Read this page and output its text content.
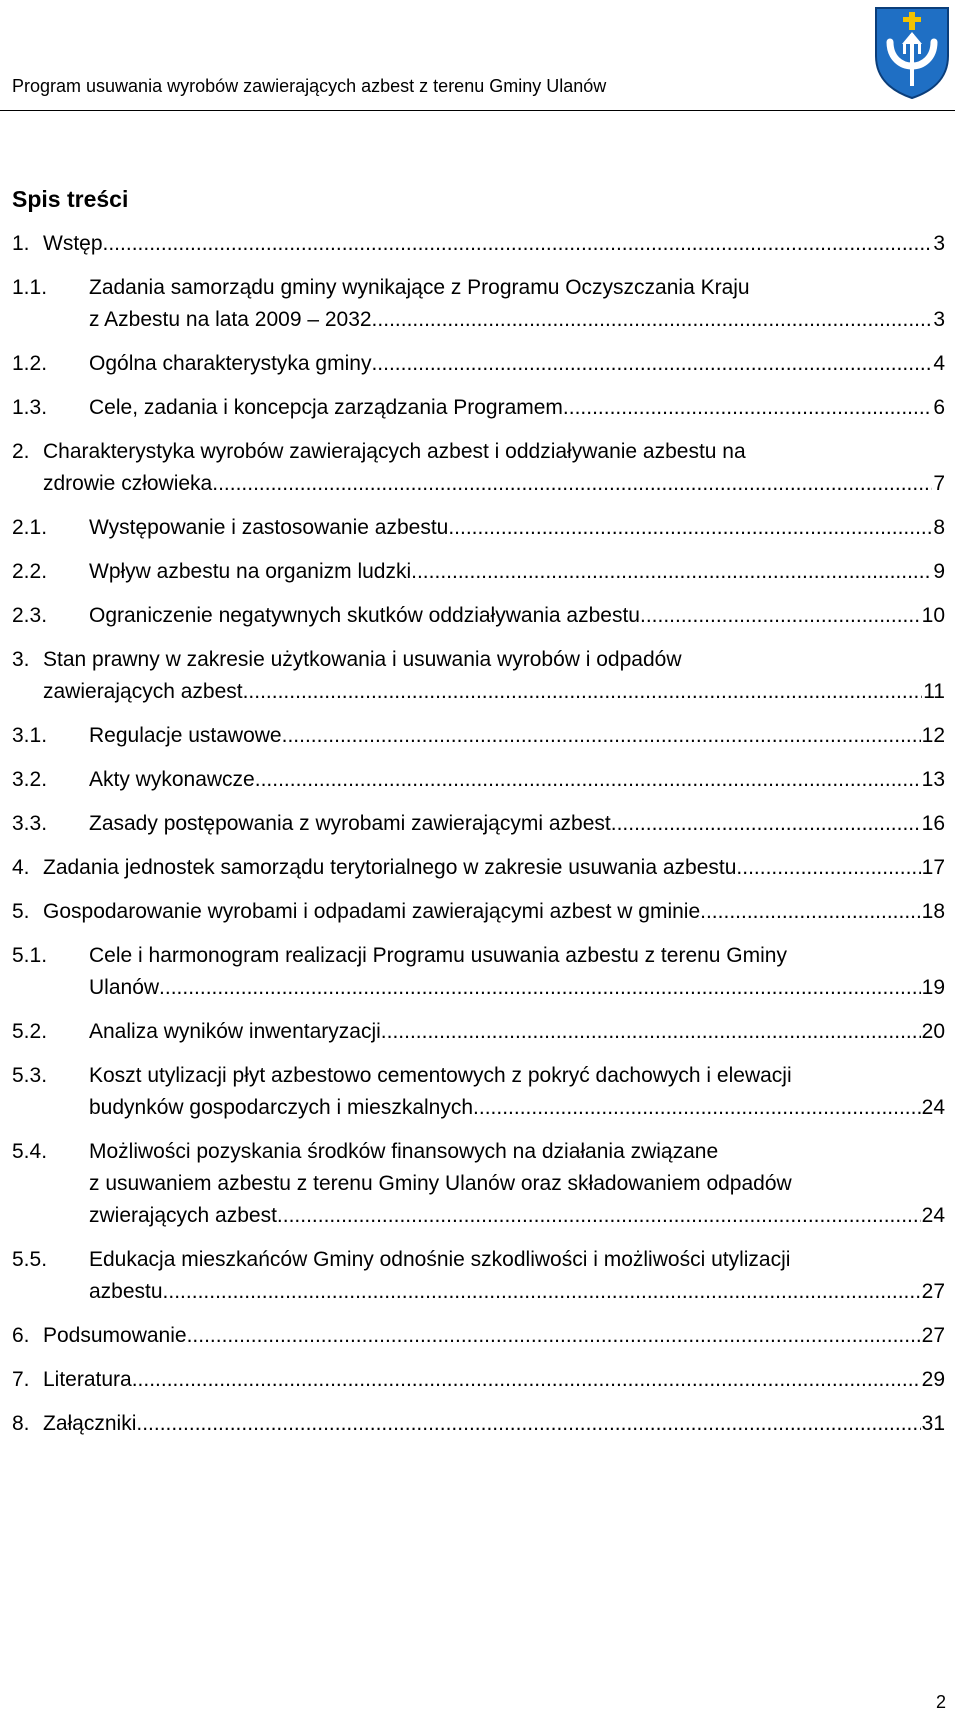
Program usuwania wyrobów zawierających azbest z terenu Gminy Ulanów
Spis treści
1. Wstęp .....	3
1.1.	Zadania samorządu gminy wynikające z Programu Oczyszczania Kraju
z Azbestu na lata 2009 – 2032. .....	3
1.2.	Ogólna charakterystyka gminy .....	4
1.3.	Cele, zadania i koncepcja zarządzania Programem .....	6
2. Charakterystyka wyrobów zawierających azbest i oddziaływanie azbestu na
zdrowie człowieka .....	7
2.1.	Występowanie i zastosowanie azbestu .....	8
2.2.	Wpływ azbestu na organizm ludzki .....	9
2.3.	Ograniczenie negatywnych skutków oddziaływania azbestu .....	10
3. Stan prawny w zakresie użytkowania i usuwania wyrobów i odpadów
zawierających azbest .....	11
3.1.	Regulacje ustawowe .....	12
3.2.	Akty wykonawcze .....	13
3.3.	Zasady postępowania z wyrobami zawierającymi azbest. .....	16
4. Zadania jednostek samorządu terytorialnego w zakresie usuwania azbestu. .....	17
5. Gospodarowanie wyrobami i odpadami zawierającymi azbest w gminie .....	18
5.1.	Cele i harmonogram realizacji Programu usuwania azbestu z terenu Gminy
Ulanów .....	19
5.2.	Analiza wyników inwentaryzacji .....	20
5.3.	Koszt utylizacji płyt azbestowo cementowych z pokryć dachowych i elewacji
budynków gospodarczych i mieszkalnych. .....	24
5.4.	Możliwości pozyskania środków finansowych na działania związane
z usuwaniem azbestu z terenu Gminy Ulanów oraz składowaniem odpadów
zwierających azbest. .....	24
5.5.	Edukacja mieszkańców Gminy odnośnie szkodliwości i możliwości utylizacji
azbestu. .....	27
6. Podsumowanie .....	27
7. Literatura .....	29
8. Załączniki .....	31
2
